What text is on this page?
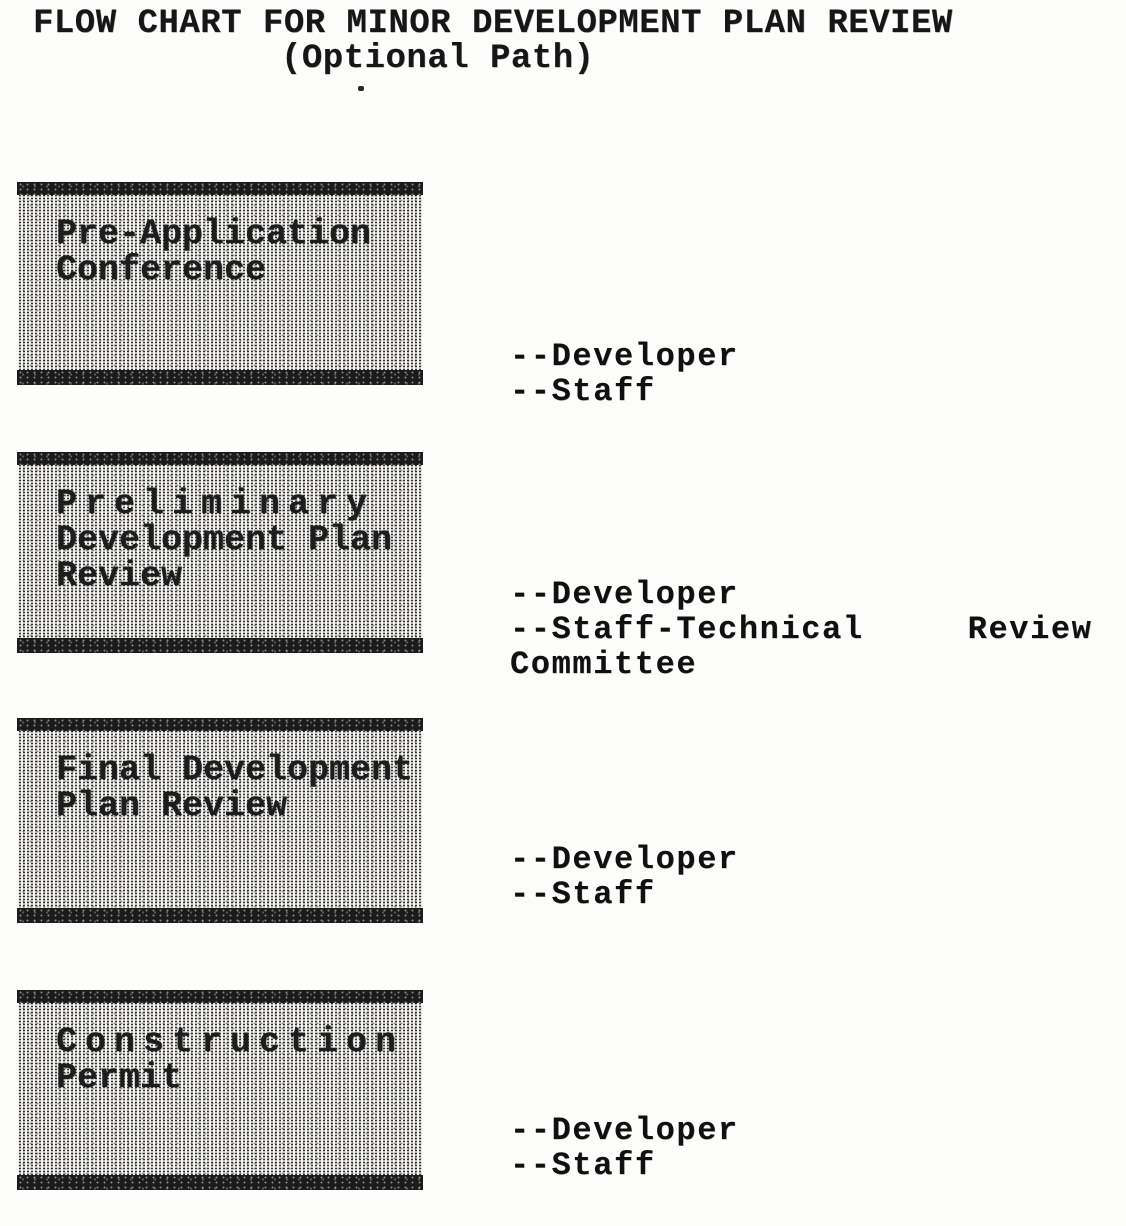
FLOW CHART FOR MINOR DEVELOPMENT PLAN REVIEW
(Optional Path)
Pre-Application
Conference
--Developer
--Staff
Preliminary
Development Plan
Review	--Developer
--Staff-Technical     Review
Committee
Final Development
Plan Review
--Developer
--Staff
Construction
Permit
--Developer
--Staff
